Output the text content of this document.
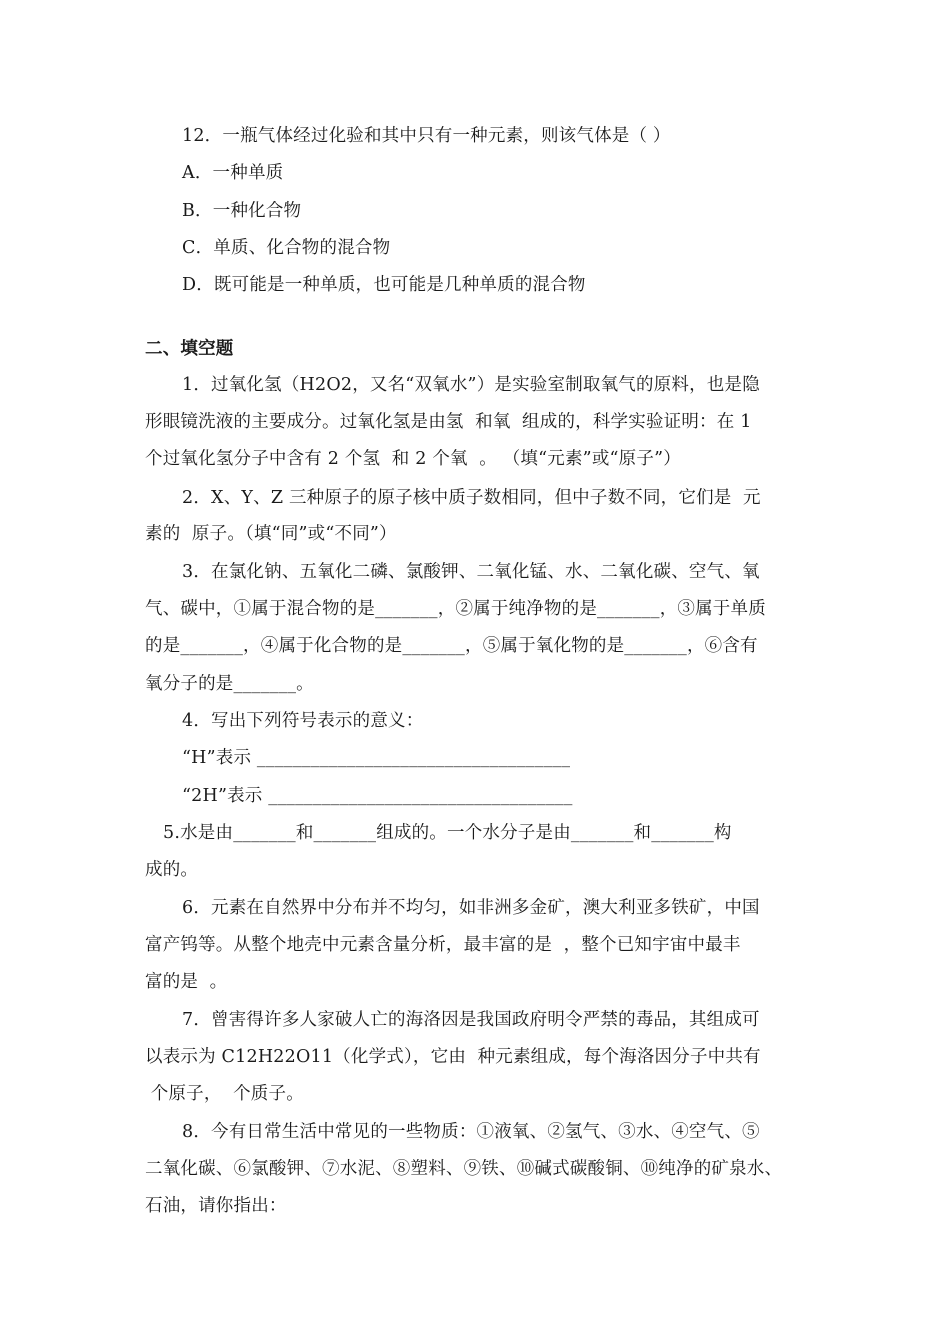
12．一瓶气体经过化验和其中只有一种元素，则该气体是（ ）
A．一种单质
B．一种化合物
C．单质、化合物的混合物
D．既可能是一种单质，也可能是几种单质的混合物
二、填空题
1．过氧化氢（H2O2，又名“双氧水”）是实验室制取氧气的原料，也是隐
形眼镜洗液的主要成分。过氧化氢是由氢  和氧  组成的，科学实验证明：在 1
个过氧化氢分子中含有 2 个氢  和 2 个氧  。 （填“元素”或“原子”）
2．X、Y、Z 三种原子的原子核中质子数相同，但中子数不同，它们是  元
素的  原子。（填“同”或“不同”）
3．在氯化钠、五氧化二磷、氯酸钾、二氧化锰、水、二氧化碳、空气、氧
气、碳中，①属于混合物的是_______，②属于纯净物的是_______，③属于单质
的是_______，④属于化合物的是_______，⑤属于氧化物的是_______，⑥含有
氧分子的是_______。
4．写出下列符号表示的意义：
“H”表示 ___________________________________
“2H”表示 __________________________________
5.水是由_______和_______组成的。一个水分子是由_______和_______构
成的。
6．元素在自然界中分布并不均匀，如非洲多金矿，澳大利亚多铁矿，中国
富产钨等。从整个地壳中元素含量分析，最丰富的是  ，整个已知宇宙中最丰
富的是  。
7．曾害得许多人家破人亡的海洛因是我国政府明令严禁的毒品，其组成可
以表示为 C12H22O11（化学式），它由  种元素组成，每个海洛因分子中共有
个原子，  个质子。
8．今有日常生活中常见的一些物质：①液氧、②氢气、③水、④空气、⑤
二氧化碳、⑥氯酸钾、⑦水泥、⑧塑料、⑨铁、⑩碱式碳酸铜、⑩纯净的矿泉水、
石油，请你指出：
